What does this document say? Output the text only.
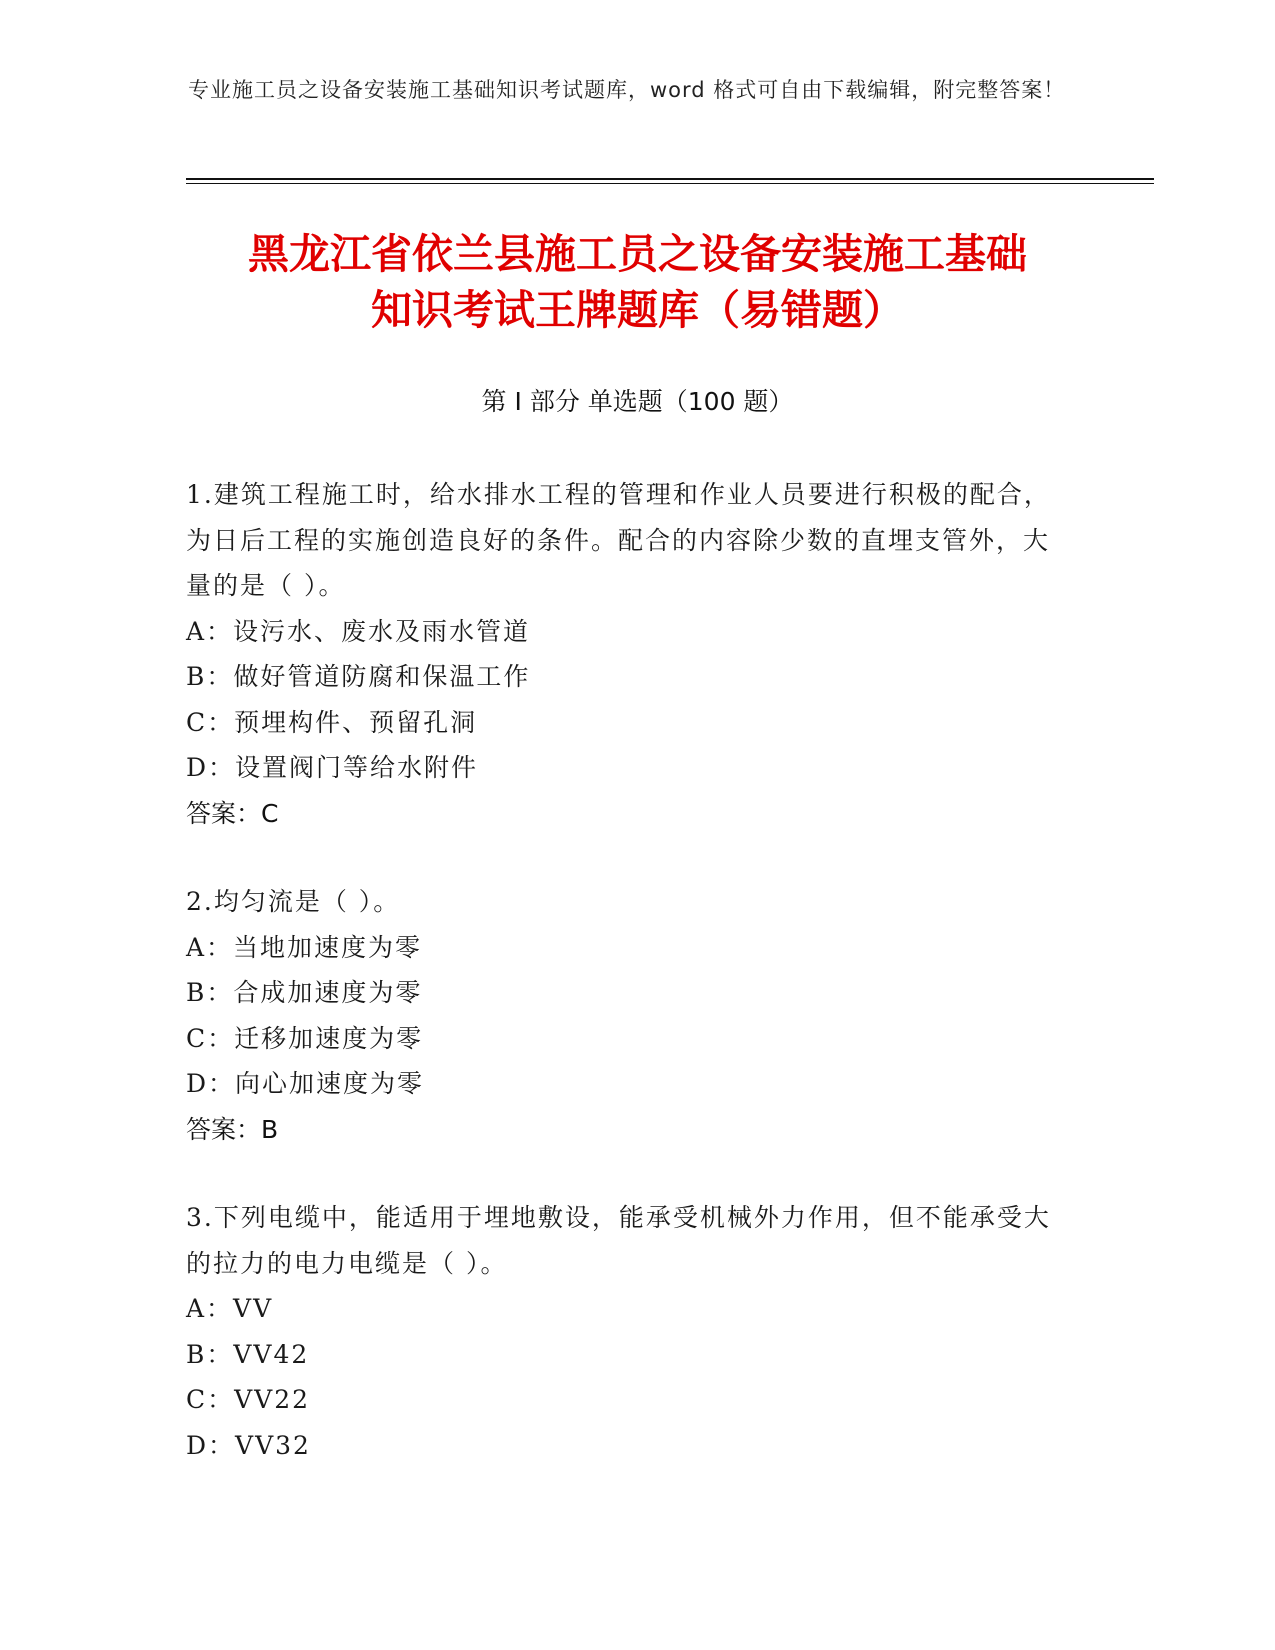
专业施工员之设备安装施工基础知识考试题库，word 格式可自由下载编辑，附完整答案！
黑龙江省依兰县施工员之设备安装施工基础
知识考试王牌题库（易错题）
第 I 部分 单选题（100 题）

1.建筑工程施工时，给水排水工程的管理和作业人员要进行积极的配合，为日后工程的实施创造良好的条件。配合的内容除少数的直埋支管外，大量的是（ ）。

A：设污水、废水及雨水管道

B：做好管道防腐和保温工作

C：预埋构件、预留孔洞

D：设置阀门等给水附件

答案：C

2.均匀流是（ ）。

A：当地加速度为零

B：合成加速度为零

C：迁移加速度为零

D：向心加速度为零

答案：B

3.下列电缆中，能适用于埋地敷设，能承受机械外力作用，但不能承受大的拉力的电力电缆是（ ）。

A：VV

B：VV42

C：VV22

D：VV32
